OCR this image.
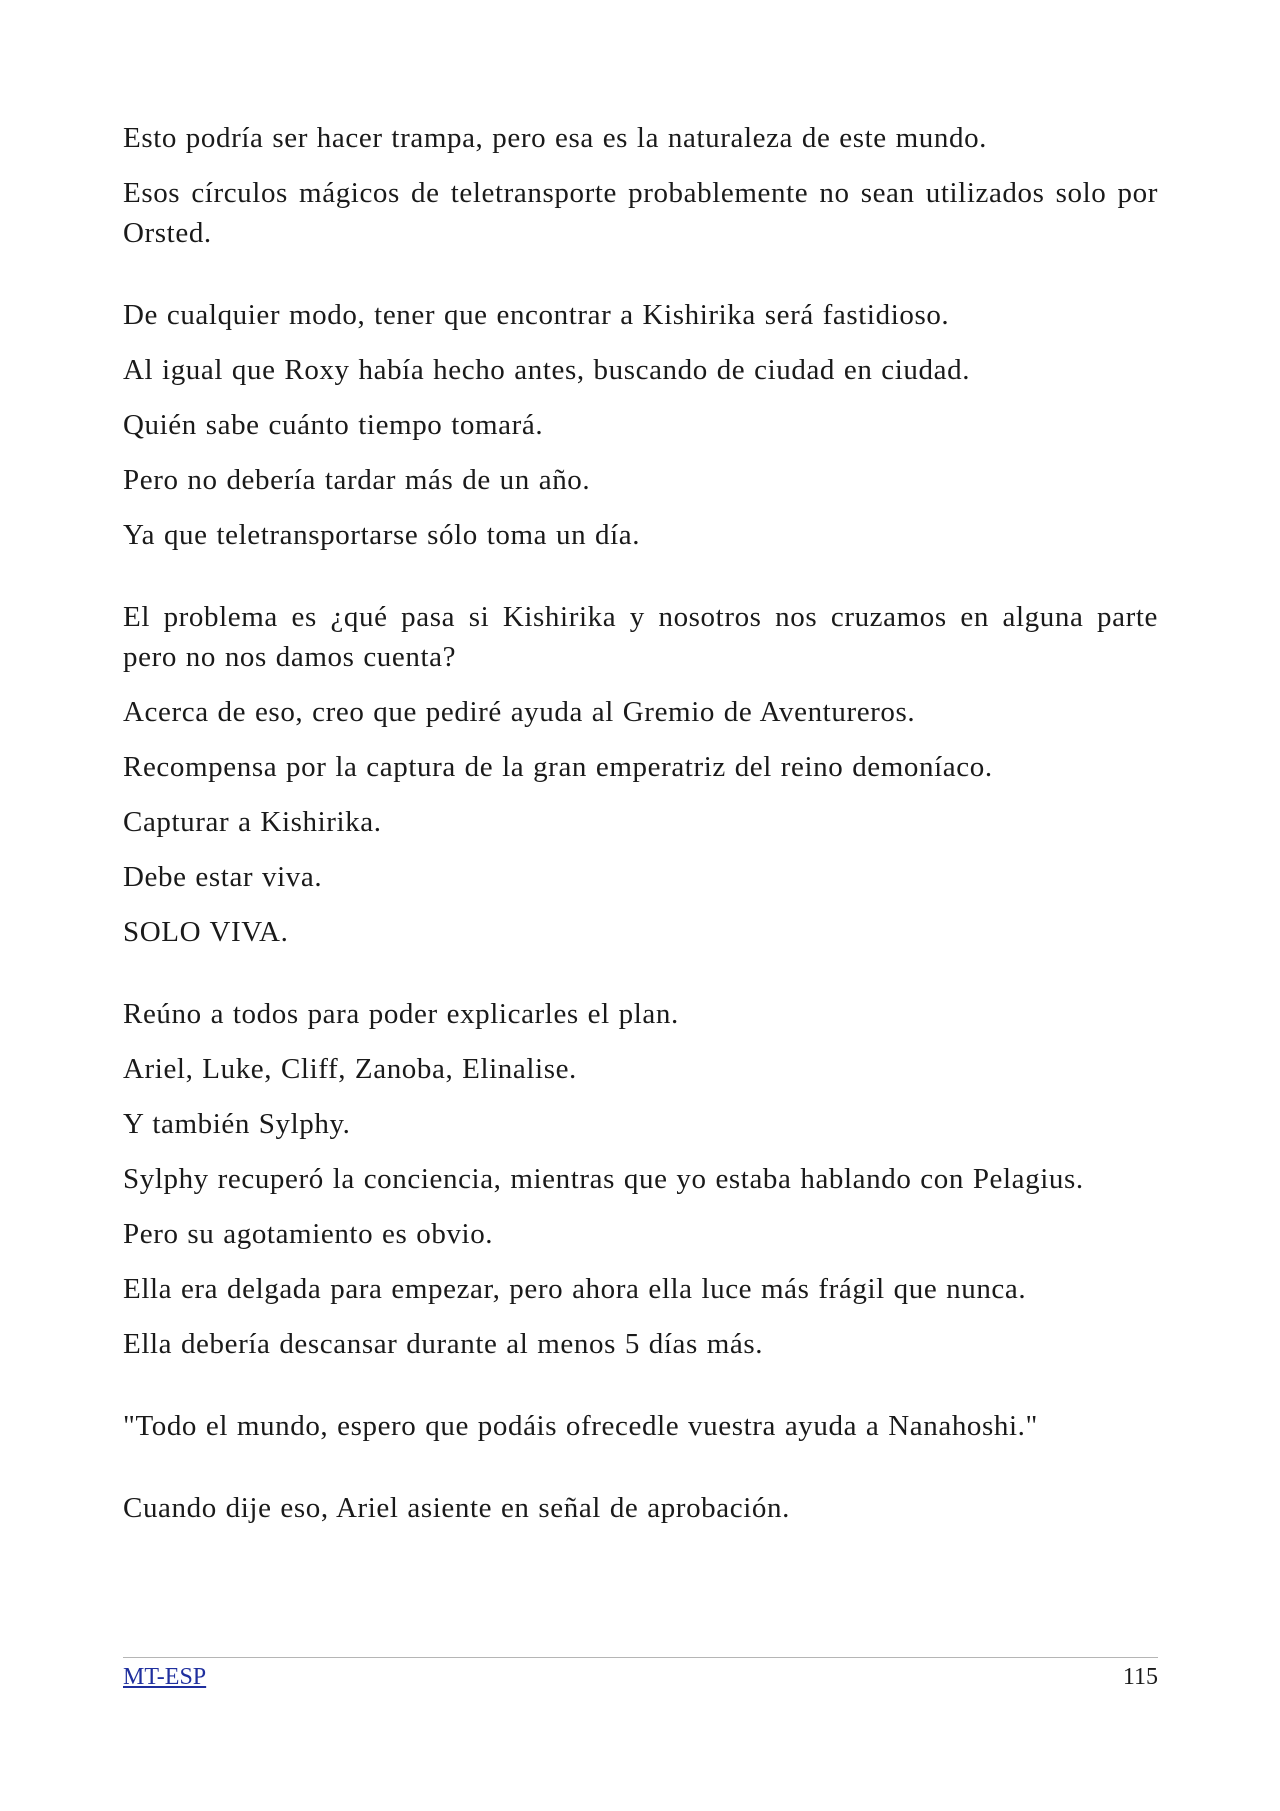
Esto podría ser hacer trampa, pero esa es la naturaleza de este mundo.

Esos círculos mágicos de teletransporte probablemente no sean utilizados solo por Orsted.

De cualquier modo, tener que encontrar a Kishirika será fastidioso.

Al igual que Roxy había hecho antes, buscando de ciudad en ciudad.

Quién sabe cuánto tiempo tomará.

Pero no debería tardar más de un año.

Ya que teletransportarse sólo toma un día.

El problema es ¿qué pasa si Kishirika y nosotros nos cruzamos en alguna parte pero no nos damos cuenta?

Acerca de eso, creo que pediré ayuda al Gremio de Aventureros.

Recompensa por la captura de la gran emperatriz del reino demoníaco.

Capturar a Kishirika.

Debe estar viva.

SOLO VIVA.

Reúno a todos para poder explicarles el plan.

Ariel, Luke, Cliff, Zanoba, Elinalise.

Y también Sylphy.

Sylphy recuperó la conciencia, mientras que yo estaba hablando con Pelagius.

Pero su agotamiento es obvio.

Ella era delgada para empezar, pero ahora ella luce más frágil que nunca.

Ella debería descansar durante al menos 5 días más.

"Todo el mundo, espero que podáis ofrecedle vuestra ayuda a Nanahoshi."

Cuando dije eso, Ariel asiente en señal de aprobación.

MT-ESP	115
